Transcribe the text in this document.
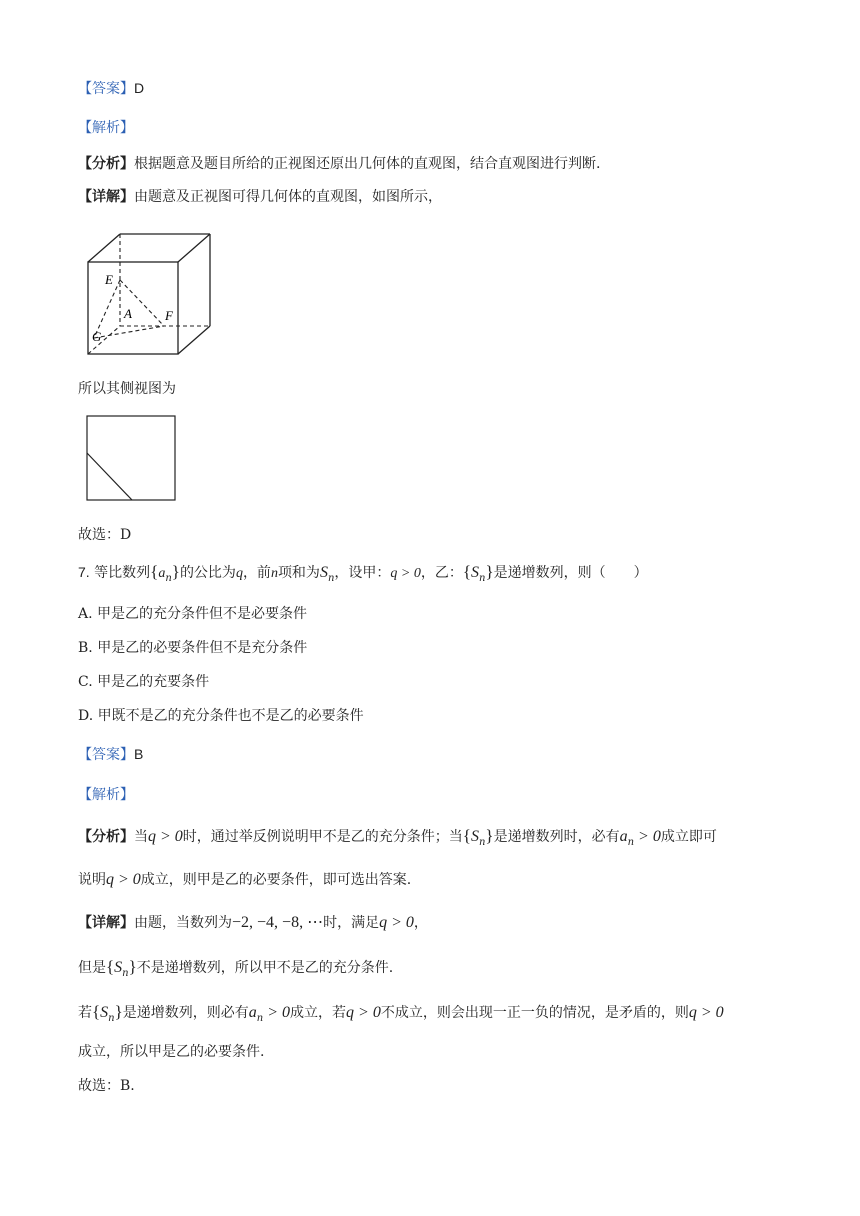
【答案】D
【解析】
【分析】根据题意及题目所给的正视图还原出几何体的直观图，结合直观图进行判断.
【详解】由题意及正视图可得几何体的直观图，如图所示，
E
A	F
G
所以其侧视图为
故选：D
7. 等比数列$\{a_n\}$的公比为q，前n项和为$S_n$，设甲：q > 0，乙：$\{S_n\}$是递增数列，则（　　）
A. 甲是乙的充分条件但不是必要条件
B. 甲是乙的必要条件但不是充分条件
C. 甲是乙的充要条件
D. 甲既不是乙的充分条件也不是乙的必要条件
【答案】B
【解析】
【分析】当q > 0时，通过举反例说明甲不是乙的充分条件；当$\{S_n\}$是递增数列时，必有$a_n > 0$成立即可
说明q > 0成立，则甲是乙的必要条件，即可选出答案.
【详解】由题，当数列为−2, −4, −8, ⋯时，满足q > 0，
但是$\{S_n\}$不是递增数列，所以甲不是乙的充分条件.
若$\{S_n\}$是递增数列，则必有$a_n > 0$成立，若q > 0不成立，则会出现一正一负的情况，是矛盾的，则q > 0
成立，所以甲是乙的必要条件.
故选：B.
